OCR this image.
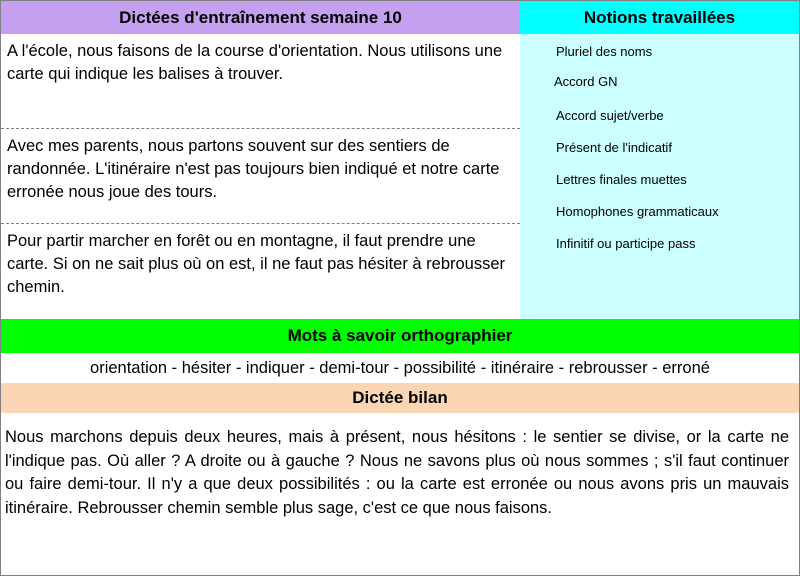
Dictées d'entraînement semaine 10	Notions travaillées
A l'école, nous faisons de la course d'orientation. Nous utilisons une carte qui indique les balises à trouver.
Avec mes parents, nous partons souvent sur des sentiers de randonnée. L'itinéraire n'est pas toujours bien indiqué et notre carte erronée nous joue des tours.
Pour partir marcher en forêt ou en montagne, il faut prendre une carte. Si on ne sait plus où on est, il ne faut pas hésiter à rebrousser chemin.
Pluriel des noms
Accord GN
Accord sujet/verbe
Présent de l'indicatif
Lettres finales muettes
Homophones grammaticaux
Infinitif ou participe pass
Mots à savoir orthographier
orientation - hésiter - indiquer - demi-tour - possibilité - itinéraire - rebrousser - erroné
Dictée bilan
Nous marchons depuis deux heures, mais à présent, nous hésitons : le sentier se divise, or la carte ne l'indique pas. Où aller ? A droite ou à gauche ? Nous ne savons plus où nous sommes ; s'il faut continuer ou faire demi-tour. Il n'y a que deux possibilités : ou la carte est erronée ou nous avons pris un mauvais itinéraire. Rebrousser chemin semble plus sage, c'est ce que nous faisons.
